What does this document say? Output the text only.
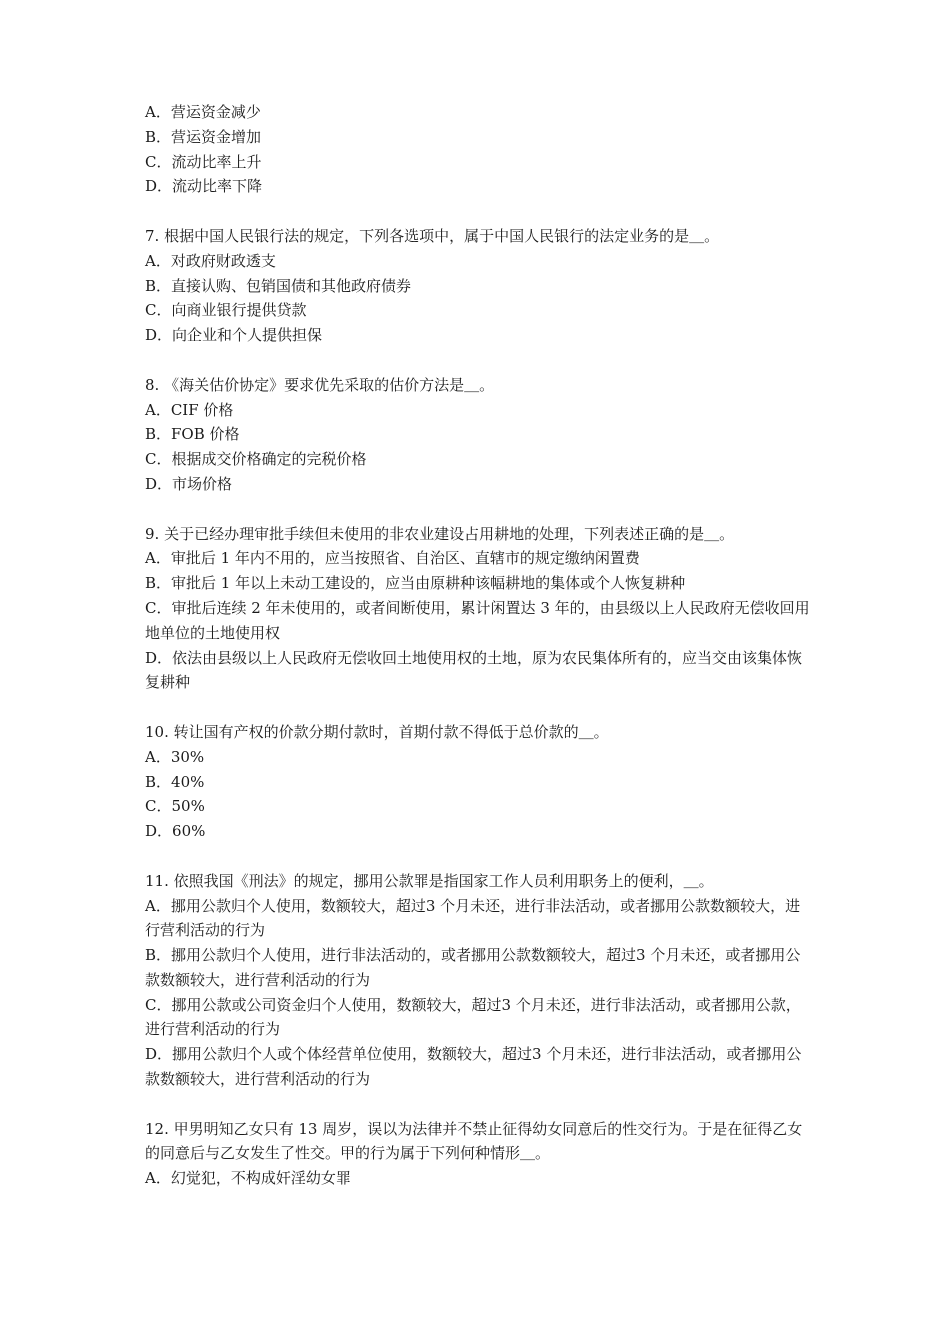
A．营运资金减少

B．营运资金增加

C．流动比率上升

D．流动比率下降

7. 根据中国人民银行法的规定，下列各选项中，属于中国人民银行的法定业务的是＿。

A．对政府财政透支

B．直接认购、包销国债和其他政府债券

C．向商业银行提供贷款

D．向企业和个人提供担保

8. 《海关估价协定》要求优先采取的估价方法是＿。

A．CIF 价格

B．FOB 价格

C．根据成交价格确定的完税价格

D．市场价格

9. 关于已经办理审批手续但未使用的非农业建设占用耕地的处理，下列表述正确的是＿。

A．审批后 1 年内不用的，应当按照省、自治区、直辖市的规定缴纳闲置费

B．审批后 1 年以上未动工建设的，应当由原耕种该幅耕地的集体或个人恢复耕种

C．审批后连续 2 年未使用的，或者间断使用，累计闲置达 3 年的，由县级以上人民政府无偿收回用地单位的土地使用权

D．依法由县级以上人民政府无偿收回土地使用权的土地，原为农民集体所有的，应当交由该集体恢复耕种

10. 转让国有产权的价款分期付款时，首期付款不得低于总价款的＿。

A．30%

B．40%

C．50%

D．60%

11. 依照我国《刑法》的规定，挪用公款罪是指国家工作人员利用职务上的便利，＿。

A．挪用公款归个人使用，数额较大，超过3 个月未还，进行非法活动，或者挪用公款数额较大，进行营利活动的行为

B．挪用公款归个人使用，进行非法活动的，或者挪用公款数额较大，超过3 个月未还，或者挪用公款数额较大，进行营利活动的行为

C．挪用公款或公司资金归个人使用，数额较大，超过3 个月未还，进行非法活动，或者挪用公款，进行营利活动的行为

D．挪用公款归个人或个体经营单位使用，数额较大，超过3 个月未还，进行非法活动，或者挪用公款数额较大，进行营利活动的行为

12. 甲男明知乙女只有 13 周岁，误以为法律并不禁止征得幼女同意后的性交行为。于是在征得乙女的同意后与乙女发生了性交。甲的行为属于下列何种情形＿。

A．幻觉犯，不构成奸淫幼女罪
